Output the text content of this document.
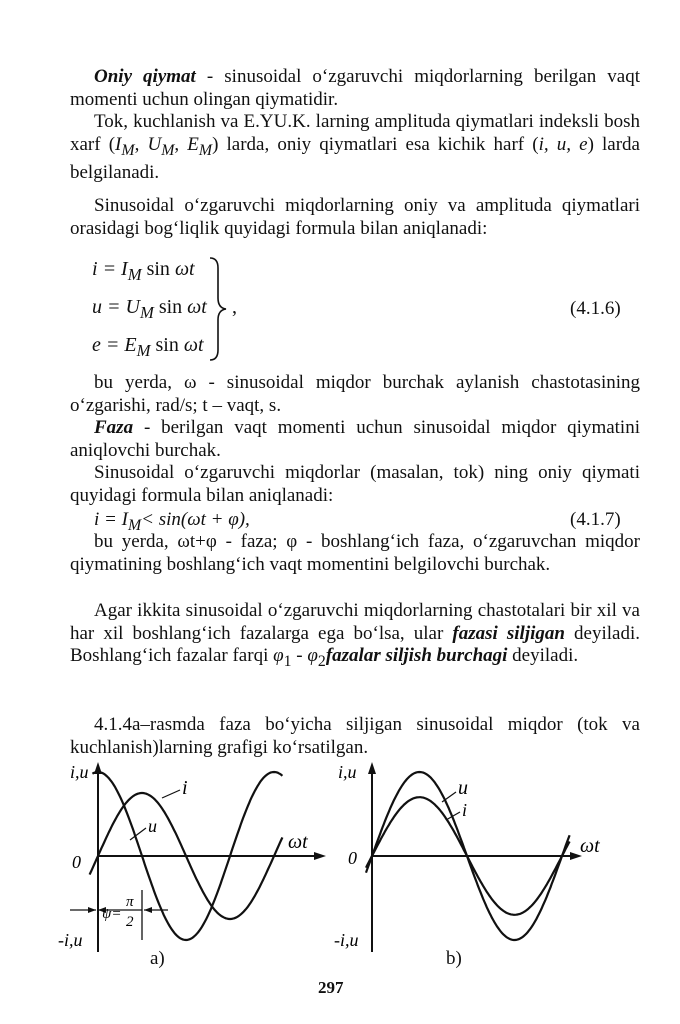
Oniy qiymat - sinusoidal o‘zgaruvchi miqdorlarning berilgan vaqt momenti uchun olingan qiymatidir.
Tok, kuchlanish va E.YU.K. larning amplituda qiymatlari indeksli bosh xarf ($I_M$, $U_M$, $E_M$) larda, oniy qiymatlari esa kichik harf (i, u, e) larda belgilanadi.
Sinusoidal o‘zgaruvchi miqdorlarning oniy va amplituda qiymatlari orasidagi bog‘liqlik quyidagi formula bilan aniqlanadi:
$i = I_M$ sin ωt
$u = U_M$ sin ωt
$e = E_M$ sin ωt
,	(4.1.6)
bu yerda, ω - sinusoidal miqdor burchak aylanish chastotasining o‘zgarishi, rad/s; t – vaqt, s.
Faza - berilgan vaqt momenti uchun sinusoidal miqdor qiymatini aniqlovchi burchak.
Sinusoidal o‘zgaruvchi miqdorlar (masalan, tok) ning oniy qiymati quyidagi formula bilan aniqlanadi:
$i = I_M< \sin(\omega t + \varphi)$,	(4.1.7)
bu yerda, ωt+φ - faza; φ - boshlang‘ich faza, o‘zgaruvchan miqdor qiymatining boshlang‘ich vaqt momentini belgilovchi burchak.
Agar ikkita sinusoidal o‘zgaruvchi miqdorlarning chastotalari bir xil va har xil boshlang‘ich fazalarga ega bo‘lsa, ular fazasi siljigan deyiladi. Boshlang‘ich fazalar farqi $\varphi_1$ - $\varphi_2fazalar$ siljish burchagi deyiladi.
4.1.4a–rasmda faza bo‘yicha siljigan sinusoidal miqdor (tok va kuchlanish)larning grafigi ko‘rsatilgan.
i,u
-i,u
0
ωt
i
u
ψ=
π
2
a)
i,u
-i,u
0
ωt
u
i
b)
297
